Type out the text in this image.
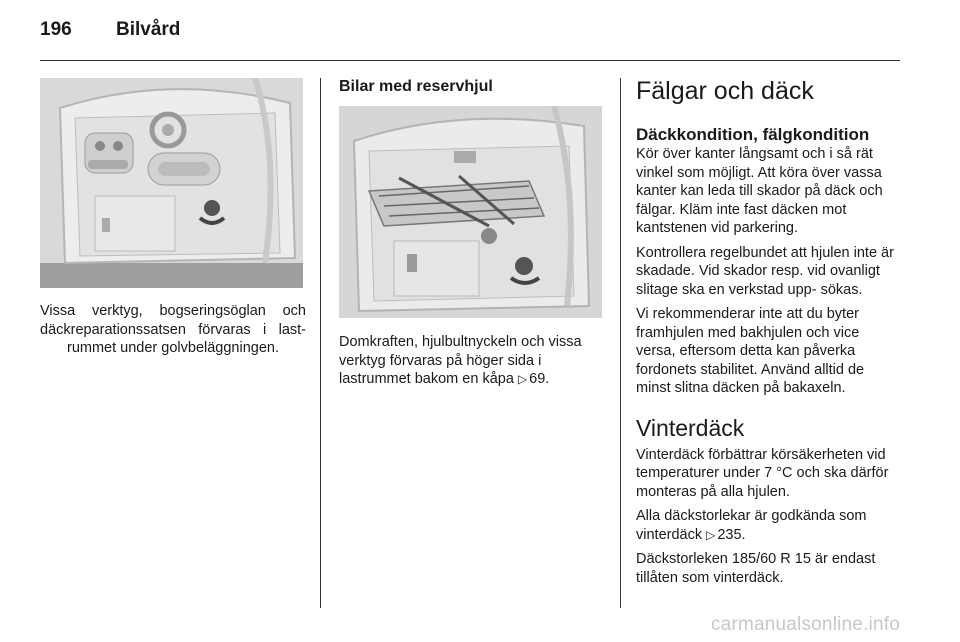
196	Bilvård

Vissa verktyg, bogseringsöglan och däckreparationssatsen förvaras i last- rummet under golvbeläggningen.

Bilar med reservhjul

Domkraften, hjulbultnyckeln och vissa verktyg förvaras på höger sida i lastrummet bakom en kåpa ▷ 69.

Fälgar och däck
Däckkondition, fälgkondition

Kör över kanter långsamt och i så rät vinkel som möjligt. Att köra över vassa kanter kan leda till skador på däck och fälgar. Kläm inte fast däcken mot kantstenen vid parkering.

Kontrollera regelbundet att hjulen inte är skadade. Vid skador resp. vid ovanligt slitage ska en verkstad upp- sökas.

Vi rekommenderar inte att du byter framhjulen med bakhjulen och vice versa, eftersom detta kan påverka fordonets stabilitet. Använd alltid de minst slitna däcken på bakaxeln.

Vinterdäck

Vinterdäck förbättrar körsäkerheten vid temperaturer under 7 °C och ska därför monteras på alla hjulen.

Alla däckstorlekar är godkända som vinterdäck ▷ 235.

Däckstorleken 185/60 R 15 är endast tillåten som vinterdäck.

carmanualsonline.info
